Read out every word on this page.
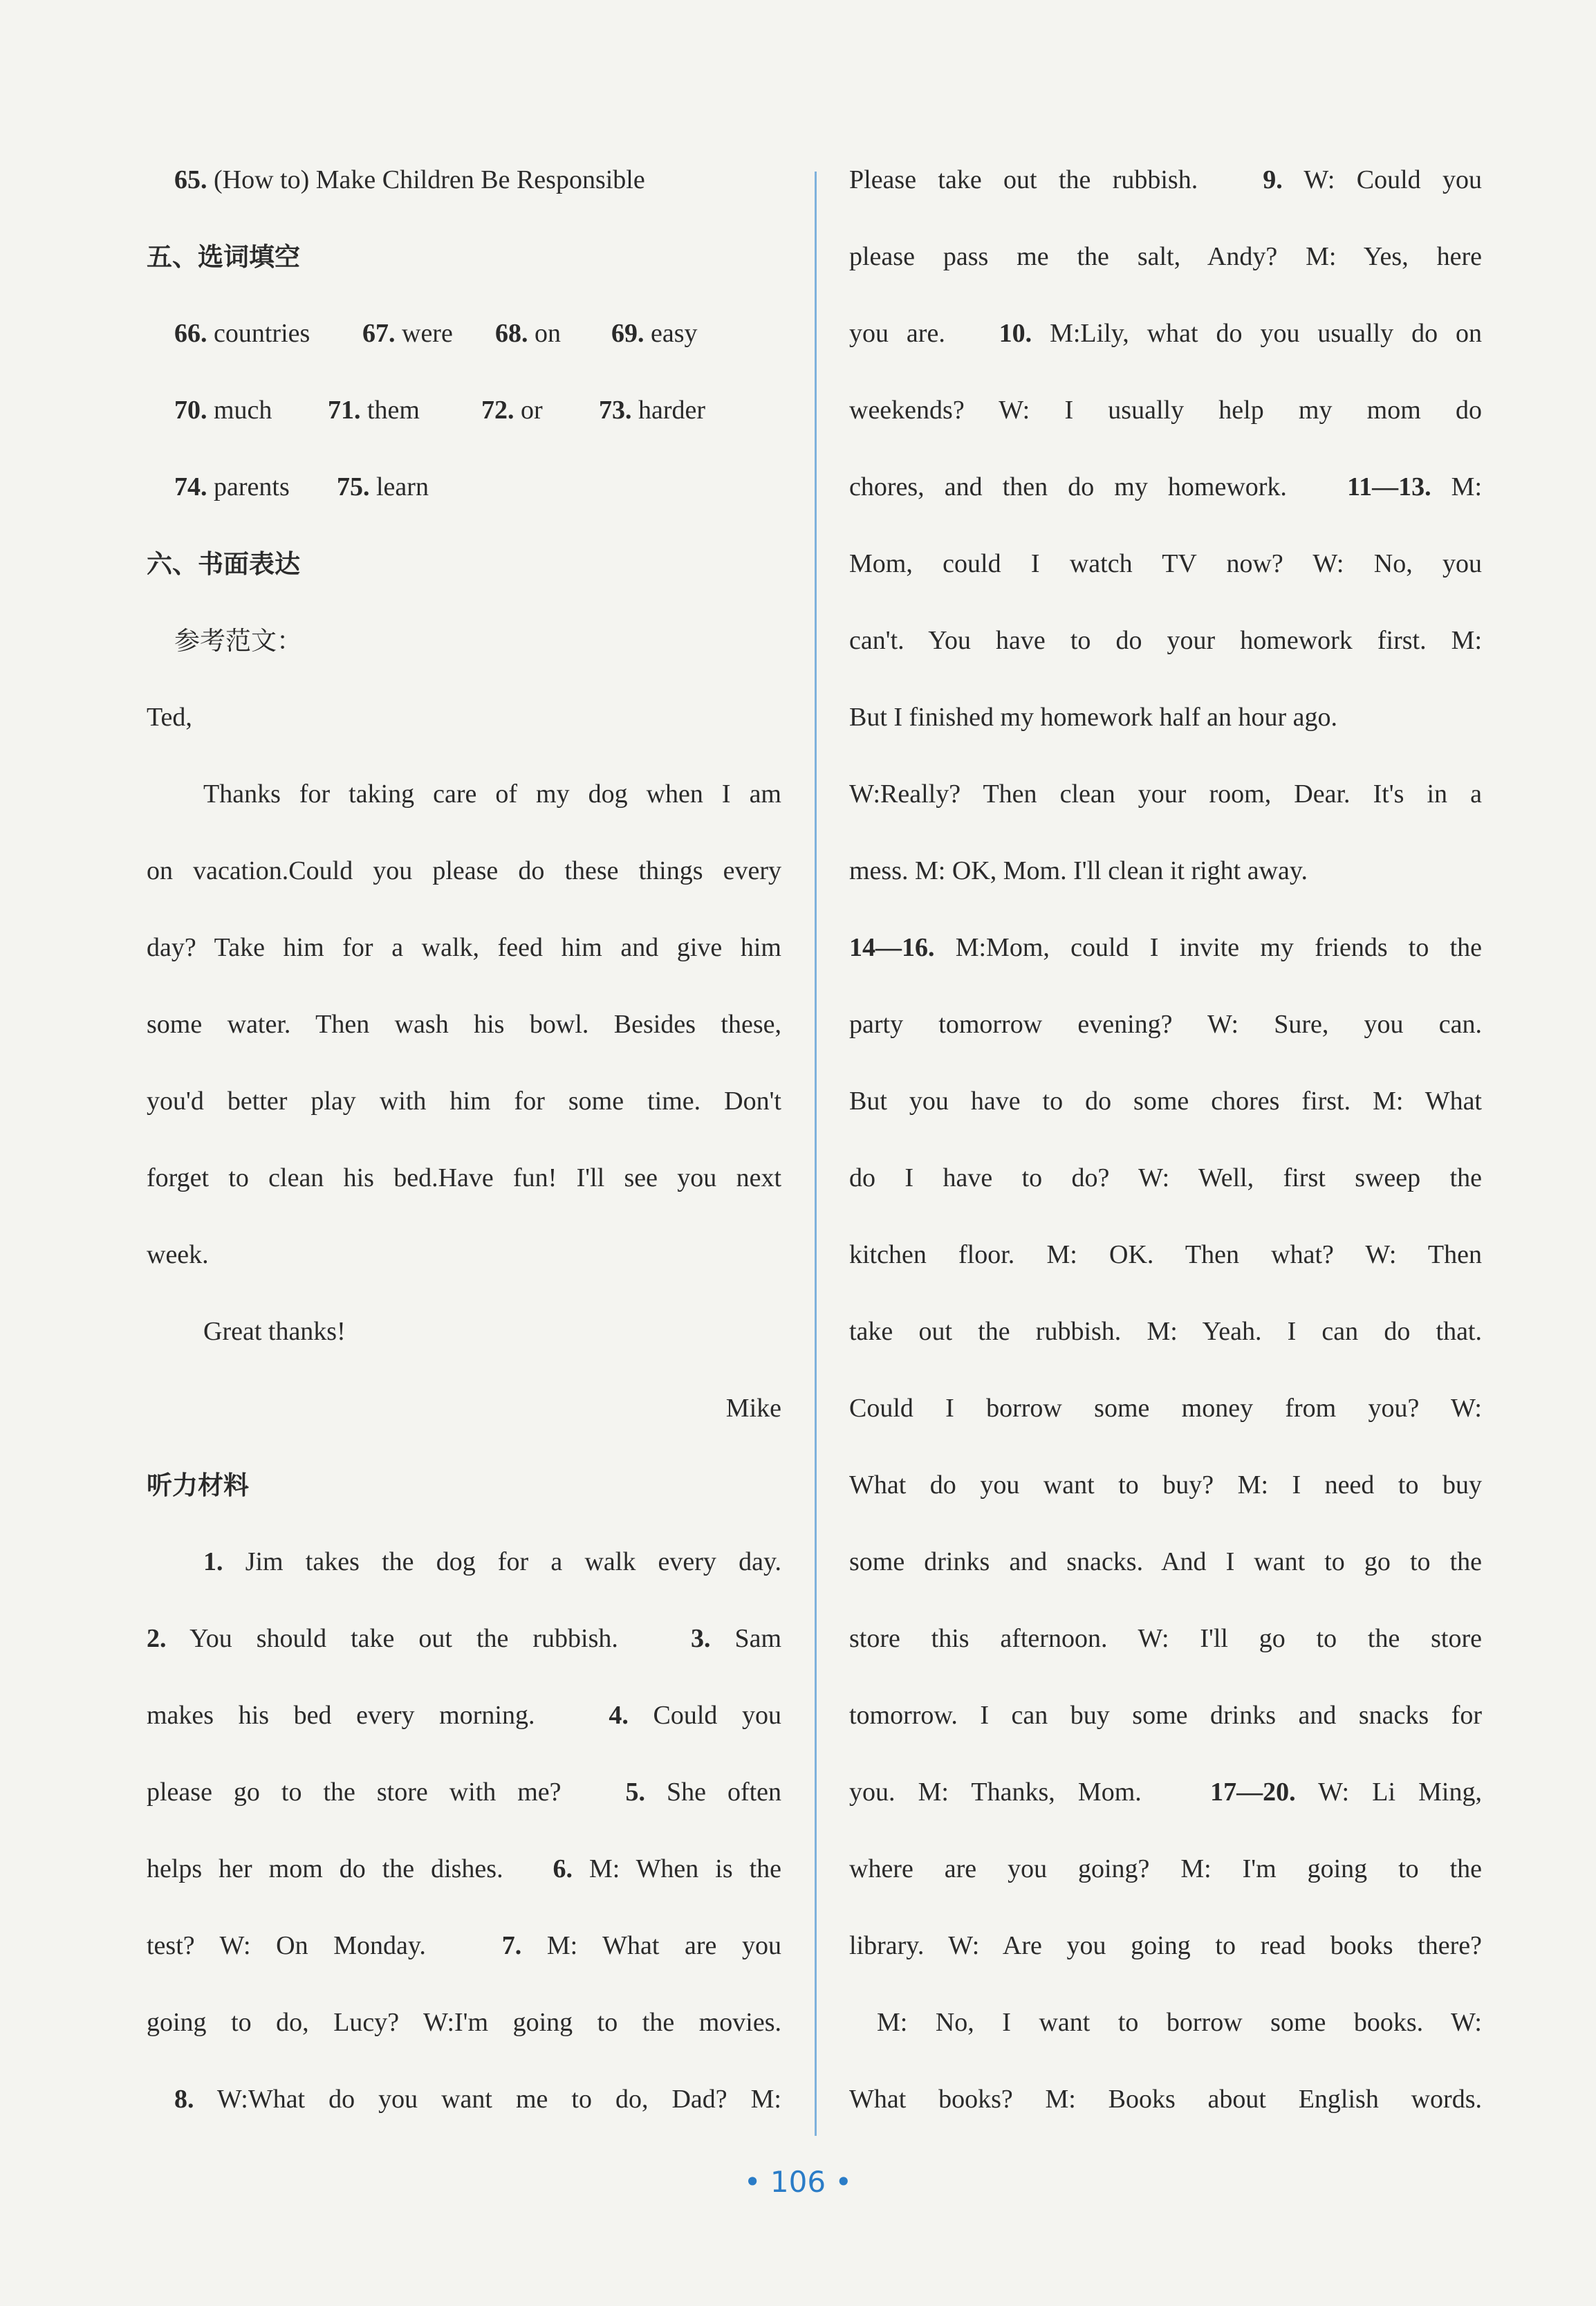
65. (How to) Make Children Be Responsible
五、选词填空
66. countries 67. were 68. on 69. easy
70. much 71. them 72. or 73. harder
74. parents 75. learn
六、书面表达
参考范文：
Ted,
Thanks for taking care of my dog when I am
on vacation.Could you please do these things every
day? Take him for a walk, feed him and give him
some water. Then wash his bowl. Besides these,
you'd better play with him for some time. Don't
forget to clean his bed.Have fun! I'll see you next
week.
Great thanks!
Mike
听力材料
1. Jim takes the dog for a walk every day.
2. You should take out the rubbish.	3. Sam
makes his bed every morning.	4. Could you
please go to the store with me? 5. She often
helps her mom do the dishes. 6. M: When is the
test? W: On Monday.	7. M: What are you
going to do, Lucy? W:I'm going to the movies.
8. W:What do you want me to do, Dad? M:
Please take out the rubbish. 9. W: Could you
please pass me the salt, Andy? M: Yes, here
you are. 10. M:Lily, what do you usually do on
weekends? W: I usually help my mom do
chores, and then do my homework. 11—13. M:
Mom, could I watch TV now? W: No, you
can't. You have to do your homework first. M:
But I finished my homework half an hour ago.
W:Really? Then clean your room, Dear. It's in a
mess. M: OK, Mom. I'll clean it right away.
14—16. M:Mom, could I invite my friends to the
party tomorrow evening? W: Sure, you can.
But you have to do some chores first. M: What
do I have to do? W: Well, first sweep the
kitchen floor. M: OK. Then what? W: Then
take out the rubbish. M: Yeah. I can do that.
Could I borrow some money from you? W:
What do you want to buy? M: I need to buy
some drinks and snacks. And I want to go to the
store this afternoon. W: I'll go to the store
tomorrow. I can buy some drinks and snacks for
you. M: Thanks, Mom.	17—20. W: Li Ming,
where are you going? M: I'm going to the
library. W: Are you going to read books there?
M: No, I want to borrow some books. W:
What books? M: Books about English words.
• 106 •
